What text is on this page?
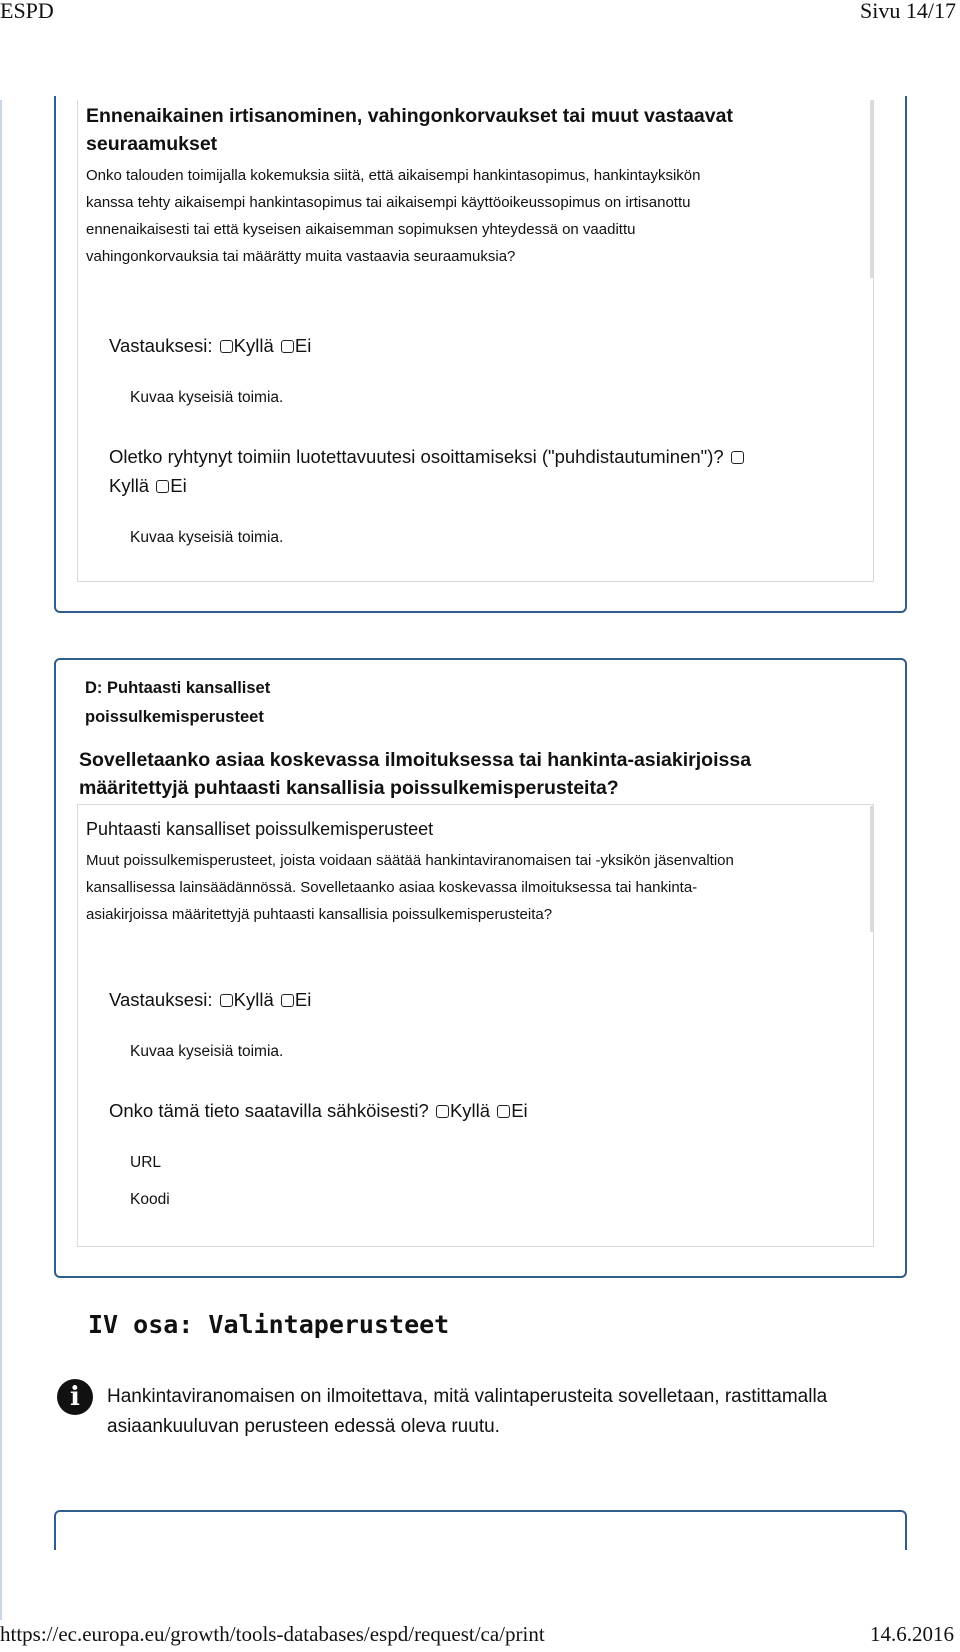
ESPD	Sivu 14/17
Ennenaikainen irtisanominen, vahingonkorvaukset tai muut vastaavat
seuraamukset
Onko talouden toimijalla kokemuksia siitä, että aikaisempi hankintasopimus, hankintayksikön
kanssa tehty aikaisempi hankintasopimus tai aikaisempi käyttöoikeussopimus on irtisanottu
ennenaikaisesti tai että kyseisen aikaisemman sopimuksen yhteydessä on vaadittu
vahingonkorvauksia tai määrätty muita vastaavia seuraamuksia?
Vastauksesi: Kyllä Ei
Kuvaa kyseisiä toimia.
Oletko ryhtynyt toimiin luotettavuutesi osoittamiseksi ("puhdistautuminen")?
Kyllä Ei
Kuvaa kyseisiä toimia.
D: Puhtaasti kansalliset
poissulkemisperusteet
Sovelletaanko asiaa koskevassa ilmoituksessa tai hankinta-asiakirjoissa
määritettyjä puhtaasti kansallisia poissulkemisperusteita?
Puhtaasti kansalliset poissulkemisperusteet
Muut poissulkemisperusteet, joista voidaan säätää hankintaviranomaisen tai -yksikön jäsenvaltion
kansallisessa lainsäädännössä. Sovelletaanko asiaa koskevassa ilmoituksessa tai hankinta-
asiakirjoissa määritettyjä puhtaasti kansallisia poissulkemisperusteita?
Vastauksesi: Kyllä Ei
Kuvaa kyseisiä toimia.
Onko tämä tieto saatavilla sähköisesti? Kyllä Ei
URL
Koodi
IV osa: Valintaperusteet
i	Hankintaviranomaisen on ilmoitettava, mitä valintaperusteita sovelletaan, rastittamalla
asiaankuuluvan perusteen edessä oleva ruutu.
https://ec.europa.eu/growth/tools-databases/espd/request/ca/print	14.6.2016
